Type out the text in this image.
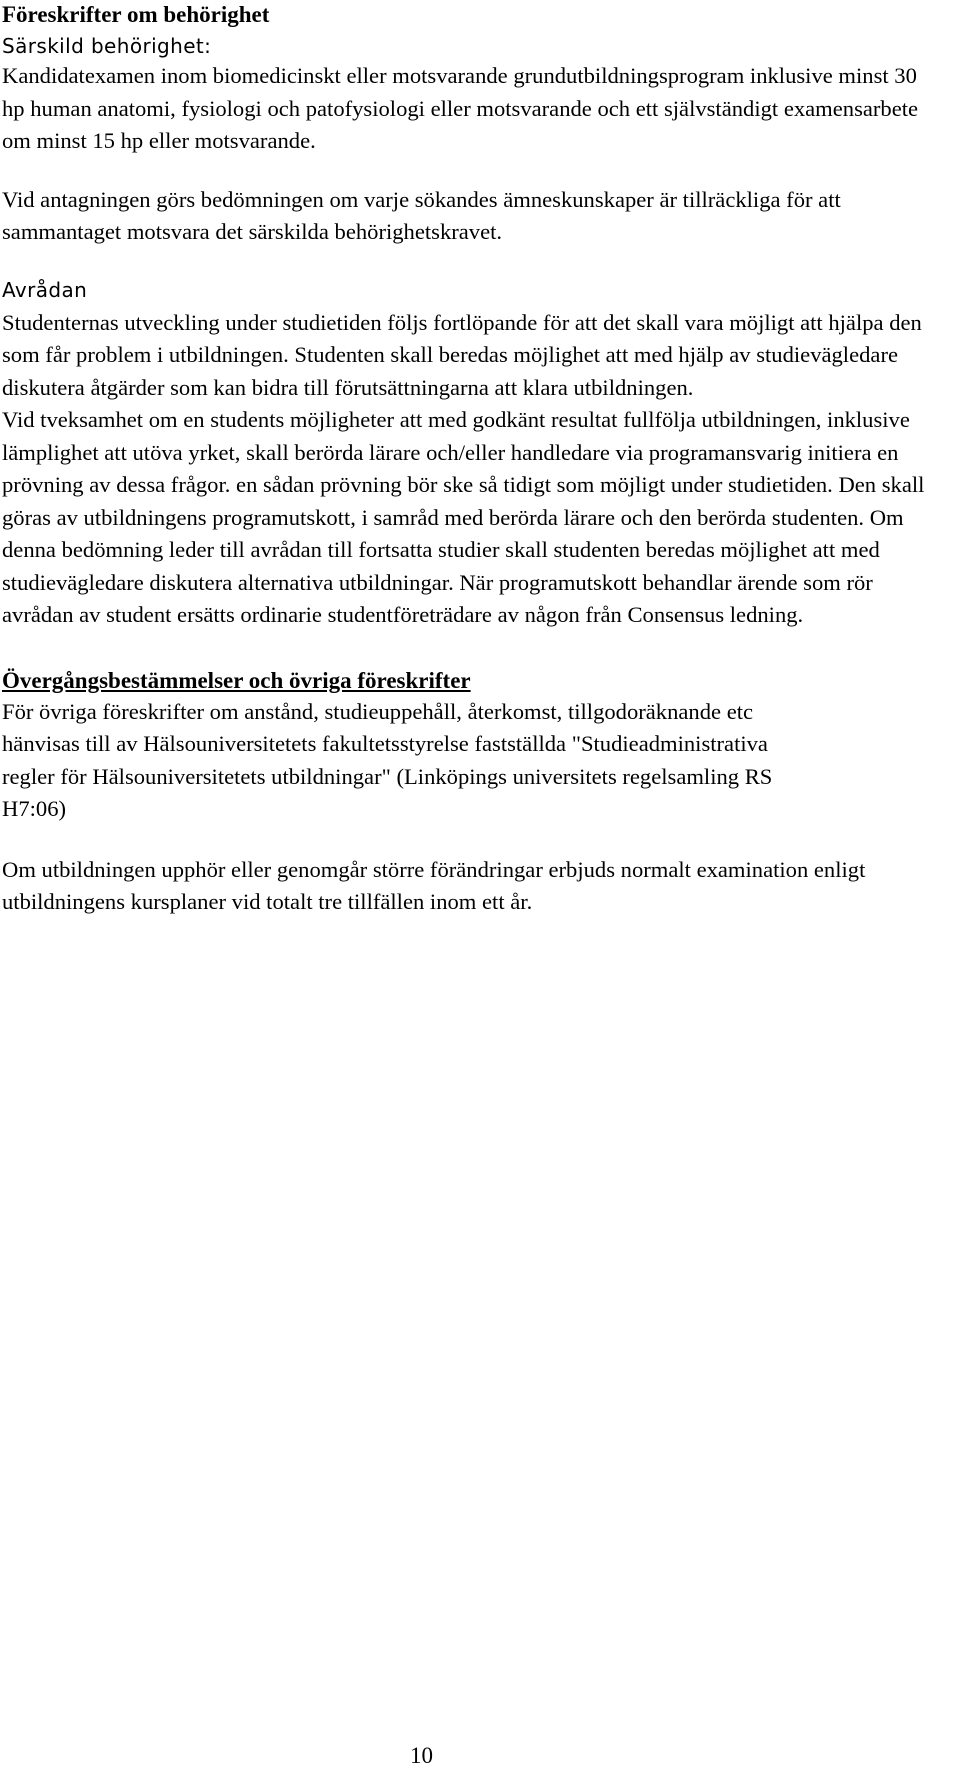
Föreskrifter om behörighet

Särskild behörighet:

Kandidatexamen inom biomedicinskt eller motsvarande grundutbildningsprogram inklusive minst 30 hp human anatomi, fysiologi och patofysiologi eller motsvarande och ett självständigt examensarbete om minst 15 hp eller motsvarande.

Vid antagningen görs bedömningen om varje sökandes ämneskunskaper är tillräckliga för att sammantaget motsvara det särskilda behörighetskravet.

Avrådan

Studenternas utveckling under studietiden följs fortlöpande för att det skall vara möjligt att hjälpa den som får problem i utbildningen. Studenten skall beredas möjlighet att med hjälp av studievägledare diskutera åtgärder som kan bidra till förutsättningarna att klara utbildningen.

Vid tveksamhet om en students möjligheter att med godkänt resultat fullfölja utbildningen, inklusive lämplighet att utöva yrket, skall berörda lärare och/eller handledare via programansvarig initiera en prövning av dessa frågor. en sådan prövning bör ske så tidigt som möjligt under studietiden. Den skall göras av utbildningens programutskott, i samråd med berörda lärare och den berörda studenten. Om denna bedömning leder till avrådan till fortsatta studier skall studenten beredas möjlighet att med studievägledare diskutera alternativa utbildningar. När programutskott behandlar ärende som rör avrådan av student ersätts ordinarie studentföreträdare av någon från Consensus ledning.

Övergångsbestämmelser och övriga föreskrifter

För övriga föreskrifter om anstånd, studieuppehåll, återkomst, tillgodoräknande etc hänvisas till av Hälsouniversitetets fakultetsstyrelse fastställda "Studieadministrativa regler för Hälsouniversitetets utbildningar" (Linköpings universitets regelsamling RS H7:06)

Om utbildningen upphör eller genomgår större förändringar erbjuds normalt examination enligt utbildningens kursplaner vid totalt tre tillfällen inom ett år.

10
